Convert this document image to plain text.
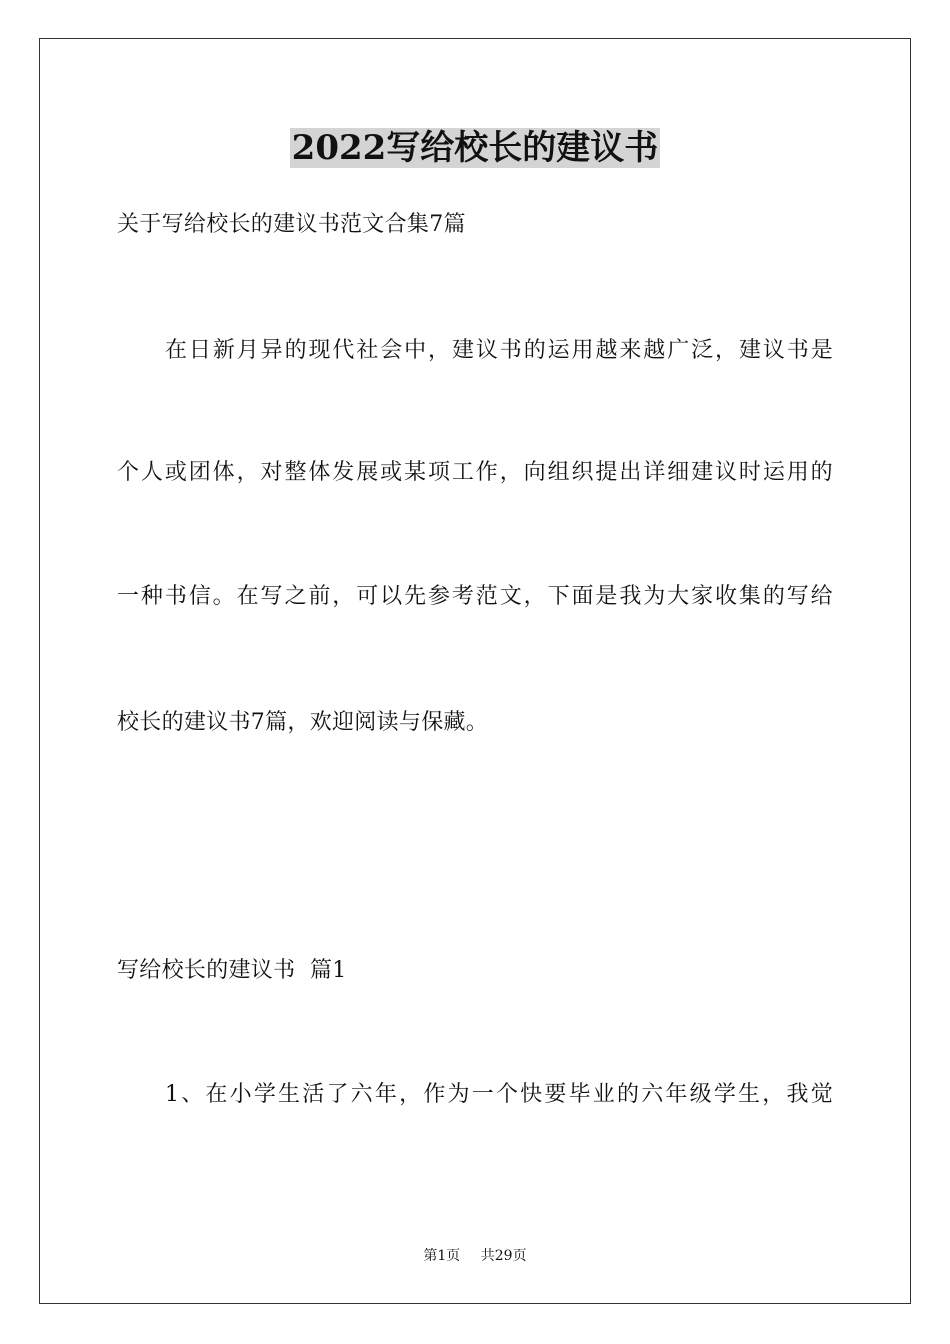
2022写给校长的建议书
关于写给校长的建议书范文合集7篇
在日新月异的现代社会中，建议书的运用越来越广泛，建议书是
个人或团体，对整体发展或某项工作，向组织提出详细建议时运用的
一种书信。在写之前，可以先参考范文，下面是我为大家收集的写给
校长的建议书7篇，欢迎阅读与保藏。
写给校长的建议书  篇1
1、在小学生活了六年，作为一个快要毕业的六年级学生，我觉
第1页 共29页
